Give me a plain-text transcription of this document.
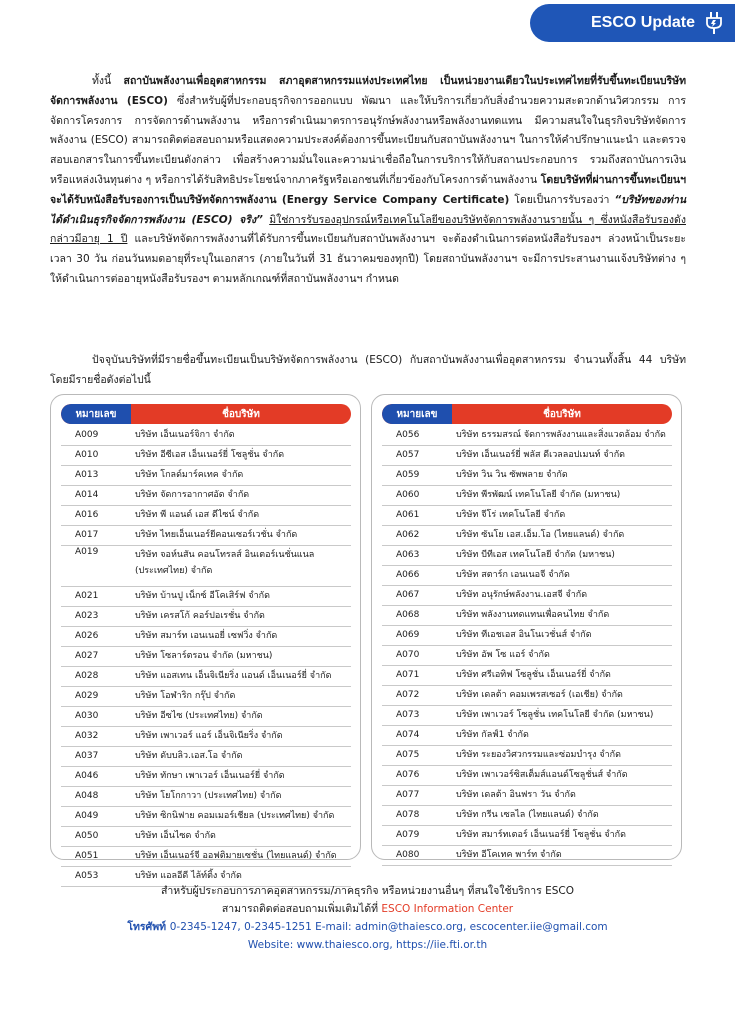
ESCO Update

ทั้งนี้ สถาบันพลังงานเพื่ออุตสาหกรรม สภาอุตสาหกรรมแห่งประเทศไทย เป็นหน่วยงานเดียวในประเทศไทยที่รับขึ้นทะเบียนบริษัทจัดการพลังงาน (ESCO) ซึ่งสำหรับผู้ที่ประกอบธุรกิจการออกแบบ พัฒนา และให้บริการเกี่ยวกับสิ่งอำนวยความสะดวกด้านวิศวกรรม การจัดการโครงการ การจัดการด้านพลังงาน หรือการดำเนินมาตรการอนุรักษ์พลังงานหรือพลังงานทดแทน มีความสนใจในธุรกิจบริษัทจัดการพลังงาน (ESCO) สามารถติดต่อสอบถามหรือแสดงความประสงค์ต้องการขึ้นทะเบียนกับสถาบันพลังงานฯ ในการให้คำปรึกษาแนะนำ และตรวจสอบเอกสารในการขึ้นทะเบียนดังกล่าว เพื่อสร้างความมั่นใจและความน่าเชื่อถือในการบริการให้กับสถานประกอบการ รวมถึงสถาบันการเงิน หรือแหล่งเงินทุนต่าง ๆ หรือการได้รับสิทธิประโยชน์จากภาครัฐหรือเอกชนที่เกี่ยวข้องกับโครงการด้านพลังงาน โดยบริษัทที่ผ่านการขึ้นทะเบียนฯ จะได้รับหนังสือรับรองการเป็นบริษัทจัดการพลังงาน (Energy Service Company Certificate) โดยเป็นการรับรองว่า “บริษัทของท่านได้ดำเนินธุรกิจจัดการพลังงาน (ESCO) จริง” มิใช่การรับรองอุปกรณ์หรือเทคโนโลยีของบริษัทจัดการพลังงานรายนั้น ๆ ซึ่งหนังสือรับรองดังกล่าวมีอายุ 1 ปี และบริษัทจัดการพลังงานที่ได้รับการขึ้นทะเบียนกับสถาบันพลังงานฯ จะต้องดำเนินการต่อหนังสือรับรองฯ ล่วงหน้าเป็นระยะเวลา 30 วัน ก่อนวันหมดอายุที่ระบุในเอกสาร (ภายในวันที่ 31 ธันวาคมของทุกปี) โดยสถาบันพลังงานฯ จะมีการประสานงานแจ้งบริษัทต่าง ๆ ให้ดำเนินการต่ออายุหนังสือรับรองฯ ตามหลักเกณฑ์ที่สถาบันพลังงานฯ กำหนด

ปัจจุบันบริษัทที่มีรายชื่อขึ้นทะเบียนเป็นบริษัทจัดการพลังงาน (ESCO) กับสถาบันพลังงานเพื่ออุตสาหกรรม จำนวนทั้งสิ้น 44 บริษัท โดยมีรายชื่อดังต่อไปนี้

หมายเลข	ชื่อบริษัท
A009	บริษัท เอ็นเนอร์จิกา จำกัด
A010	บริษัท อีซีเอส เอ็นเนอร์ยี่ โซลูชั่น จำกัด
A013	บริษัท โกลด์มาร์คเทค จำกัด
A014	บริษัท จัดการอากาศอัด จำกัด
A016	บริษัท พี แอนด์ เอส ดีไซน์ จำกัด
A017	บริษัท ไทยเอ็นเนอร์ยีคอนเซอร์เวชั่น จำกัด
A019	บริษัท จอห์นสัน คอนโทรลส์ อินเตอร์เนชั่นแนล (ประเทศไทย) จำกัด
A021	บริษัท บ้านปู เน็กซ์ อีโคเสิร์ฟ จำกัด
A023	บริษัท เครสโก้ คอร์ปอเรชั่น จำกัด
A026	บริษัท สมาร์ท เอนเนอยี่ เซฟวิ่ง จำกัด
A027	บริษัท โซลาร์ตรอน จำกัด (มหาชน)
A028	บริษัท แอสเทน เอ็นจิเนียริ่ง แอนด์ เอ็นเนอร์ยี่ จำกัด
A029	บริษัท โอฬาริก กรุ๊ป จำกัด
A030	บริษัท อีซไซ (ประเทศไทย) จำกัด
A032	บริษัท เพาเวอร์ แอร์ เอ็นจิเนียริ่ง จำกัด
A037	บริษัท ดับบลิว.เอส.โอ จำกัด
A046	บริษัท ทักษา เพาเวอร์ เอ็นเนอร์ยี่ จำกัด
A048	บริษัท โยโกกาวา (ประเทศไทย) จำกัด
A049	บริษัท ซิกนิฟาย คอมเมอร์เชียล (ประเทศไทย) จำกัด
A050	บริษัท เอ็นไซด จำกัด
A051	บริษัท เอ็นเนอร์จี ออฟติมายเซชั่น (ไทยแลนด์) จำกัด
A053	บริษัท แอลอีดี ไล้ท์ติ้ง จำกัด
หมายเลข	ชื่อบริษัท
A056	บริษัท ธรรมสรณ์ จัดการพลังงานและสิ่งแวดล้อม จำกัด
A057	บริษัท เอ็นเนอร์ยี่ พลัส ดีเวลลอปเมนท์ จำกัด
A059	บริษัท วิน วิน ซัพพลาย จำกัด
A060	บริษัท พีรพัฒน์ เทคโนโลยี จำกัด (มหาชน)
A061	บริษัท จีโร่ เทคโนโลยี จำกัด
A062	บริษัท ซันโย เอส.เอ็ม.โอ (ไทยแลนด์) จำกัด
A063	บริษัท บีทีเอส เทคโนโลยี จำกัด (มหาชน)
A066	บริษัท สตาร์ก เอนเนอจี จำกัด
A067	บริษัท อนุรักษ์พลังงาน.เอสจี จำกัด
A068	บริษัท พลังงานทดแทนเพื่อคนไทย จำกัด
A069	บริษัท ทีเอชเอส อินโนเวชั่นส์ จำกัด
A070	บริษัท อัพ โซ แอร์ จำกัด
A071	บริษัท ศรีเอทิฟ โซลูชั่น เอ็นเนอร์ยี่ จำกัด
A072	บริษัท เดลต้า คอมเพรสเซอร์ (เอเชีย) จำกัด
A073	บริษัท เพาเวอร์ โซลูชั่น เทคโนโลยี จำกัด (มหาชน)
A074	บริษัท กัลฟ์1 จำกัด
A075	บริษัท ระยองวิศวกรรมและซ่อมบำรุง จำกัด
A076	บริษัท เพาเวอร์ซิสเต็มส์แอนด์โซลูชั่นส์ จำกัด
A077	บริษัท เดลต้า อินฟรา วัน จำกัด
A078	บริษัท กรีน เซลไล (ไทยแลนด์) จำกัด
A079	บริษัท สมาร์ทเตอร์ เอ็นเนอร์ยี่ โซลูชั่น จำกัด
A080	บริษัท อีโคเทค พาร์ท จำกัด
สำหรับผู้ประกอบการภาคอุตสาหกรรม/ภาคธุรกิจ หรือหน่วยงานอื่นๆ ที่สนใจใช้บริการ ESCO
สามารถติดต่อสอบถามเพิ่มเติมได้ที่ ESCO Information Center
โทรศัพท์ 0-2345-1247, 0-2345-1251 E-mail: admin@thaiesco.org, escocenter.iie@gmail.com
Website: www.thaiesco.org, https://iie.fti.or.th
